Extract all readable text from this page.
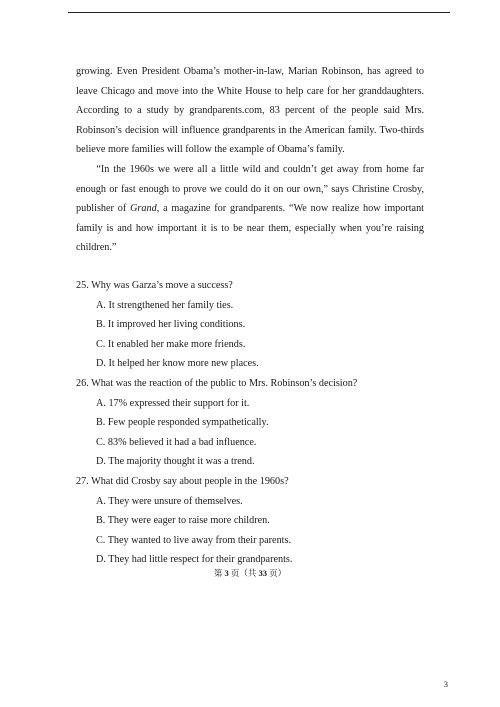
growing. Even President Obama’s mother-in-law, Marian Robinson, has agreed to leave Chicago and move into the White House to help care for her granddaughters. According to a study by grandparents.com, 83 percent of the people said Mrs. Robinson’s decision will influence grandparents in the American family. Two-thirds believe more families will follow the example of Obama’s family.

“In the 1960s we were all a little wild and couldn’t get away from home far enough or fast enough to prove we could do it on our own,” says Christine Crosby, publisher of Grand, a magazine for grandparents. “We now realize how important family is and how important it is to be near them, especially when you’re raising children.”

25. Why was Garza’s move a success?

A. It strengthened her family ties.

B. It improved her living conditions.

C. It enabled her make more friends.

D. It helped her know more new places.

26. What was the reaction of the public to Mrs. Robinson’s decision?

A. 17% expressed their support for it.

B. Few people responded sympathetically.

C. 83% believed it had a bad influence.

D. The majority thought it was a trend.

27. What did Crosby say about people in the 1960s?

A. They were unsure of themselves.

B. They were eager to raise more children.

C. They wanted to live away from their parents.

D. They had little respect for their grandparents.

第 3 页（共 33 页）
3
